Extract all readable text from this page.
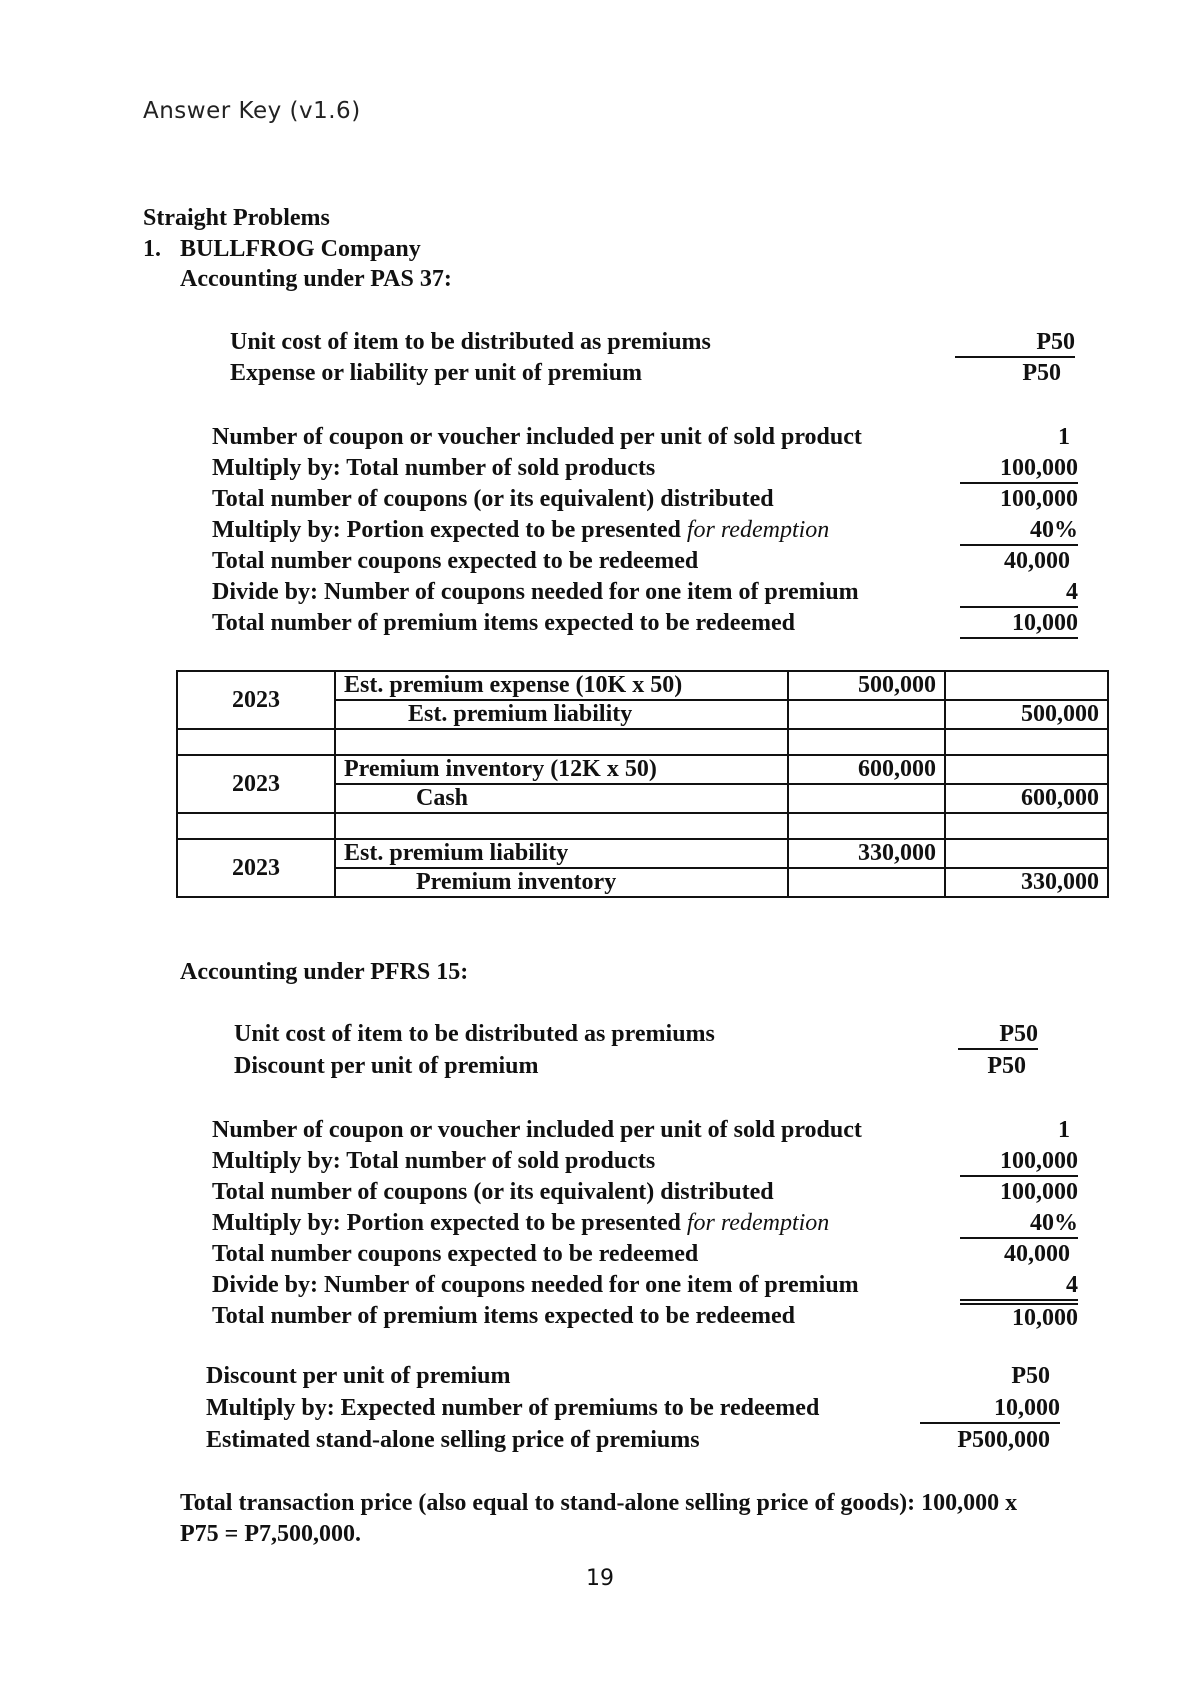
Answer Key (v1.6)
Straight Problems
1. BULLFROG Company
Accounting under PAS 37:
Unit cost of item to be distributed as premiums	P50
Expense or liability per unit of premium	P50
Number of coupon or voucher included per unit of sold product	1
Multiply by: Total number of sold products	100,000
Total number of coupons (or its equivalent) distributed	100,000
Multiply by: Portion expected to be presented for redemption	40%
Total number coupons expected to be redeemed	40,000
Divide by: Number of coupons needed for one item of premium	4
Total number of premium items expected to be redeemed	10,000
2023	Est. premium expense (10K x 50)	500,000	
	Est. premium liability		500,000

2023	Premium inventory (12K x 50)	600,000	
	Cash		600,000

2023	Est. premium liability	330,000	
	Premium inventory		330,000
Accounting under PFRS 15:
Unit cost of item to be distributed as premiums	P50
Discount per unit of premium	P50
Number of coupon or voucher included per unit of sold product	1
Multiply by: Total number of sold products	100,000
Total number of coupons (or its equivalent) distributed	100,000
Multiply by: Portion expected to be presented for redemption	40%
Total number coupons expected to be redeemed	40,000
Divide by: Number of coupons needed for one item of premium	4
Total number of premium items expected to be redeemed	10,000
Discount per unit of premium	P50
Multiply by: Expected number of premiums to be redeemed	10,000
Estimated stand-alone selling price of premiums	P500,000
Total transaction price (also equal to stand-alone selling price of goods): 100,000 x
P75 = P7,500,000.
19
